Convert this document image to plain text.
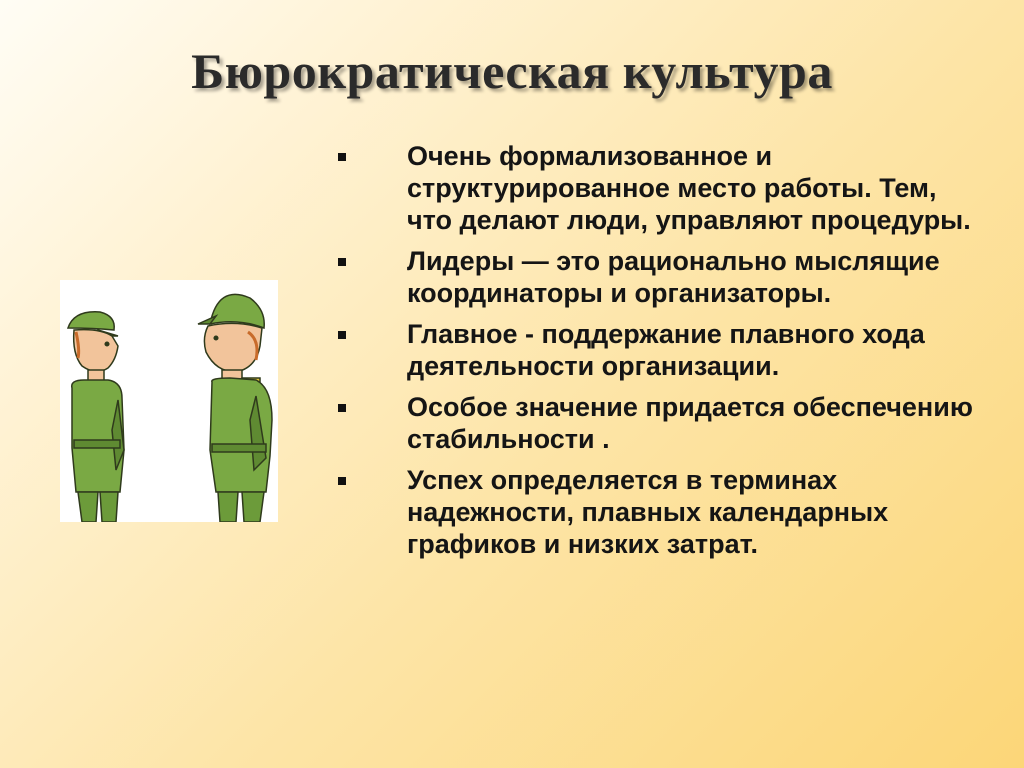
Бюрократическая культура
Очень формализованное и структурированное место работы. Тем, что делают люди, управляют процедуры.
Лидеры — это рационально мыслящие координаторы и организаторы.
Главное - поддержание плавного хода деятельности организации.
Особое значение придается обеспечению стабильности .
Успех определяется в терминах надежности, плавных календарных графиков и низких затрат.
